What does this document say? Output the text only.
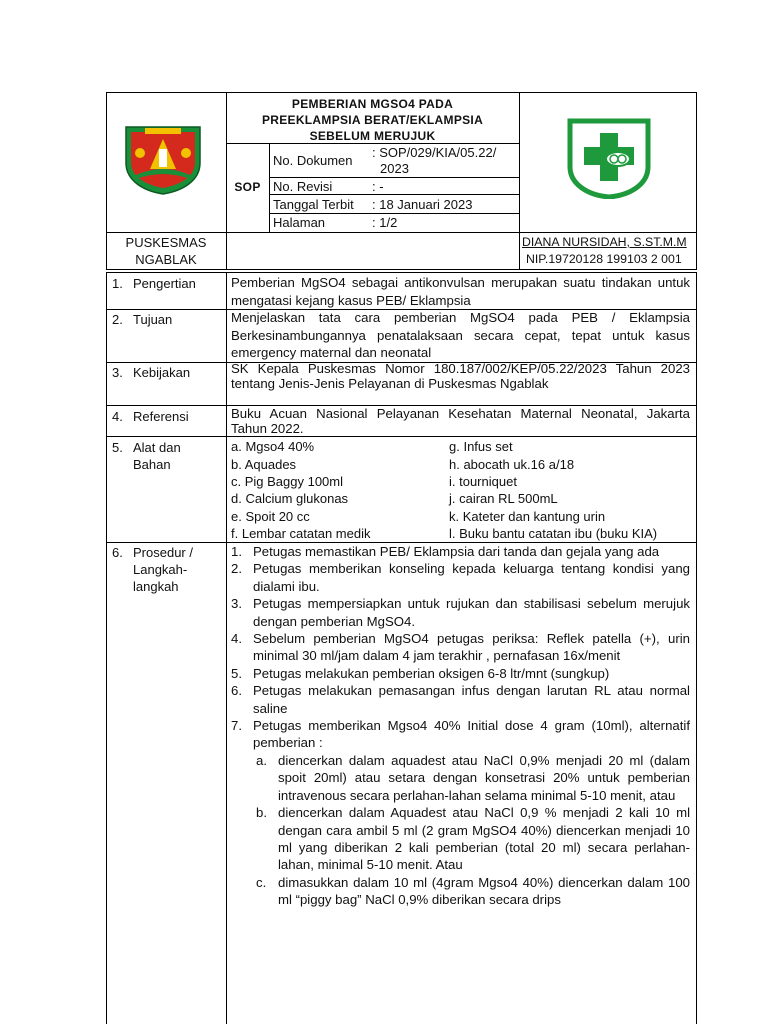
PEMBERIAN MGSO4 PADA
PREEKLAMPSIA BERAT/EKLAMPSIA
SEBELUM MERUJUK
SOP
No. Dokumen
: SOP/029/KIA/05.22/
2023
No. Revisi	: -
Tanggal Terbit : 18 Januari 2023
Halaman	: 1/2
PUSKESMAS
NGABLAK
DIANA NURSIDAH, S.ST.M.M
NIP.19720128 199103 2 001
1. Pengertian
2. Tujuan
3. Kebijakan
4. Referensi
5. Alat dan
Bahan
6. Prosedur /
Langkah-
langkah
Pemberian MgSO4 sebagai antikonvulsan merupakan suatu tindakan untuk mengatasi kejang kasus PEB/ Eklampsia
Menjelaskan tata cara pemberian MgSO4 pada PEB / Eklampsia Berkesinambungannya penatalaksaan secara cepat, tepat untuk kasus emergency maternal dan neonatal
SK Kepala Puskesmas Nomor 180.187/002/KEP/05.22/2023 Tahun 2023 tentang Jenis-Jenis Pelayanan di Puskesmas Ngablak
Buku Acuan Nasional Pelayanan Kesehatan Maternal Neonatal, Jakarta Tahun 2022.
a. Mgso4 40%
b. Aquades
c. Pig Baggy 100ml
d. Calcium glukonas
e. Spoit 20 cc
f. Lembar catatan medik
g. Infus set
h. abocath uk.16 a/18
i. tourniquet
j. cairan RL 500mL
k. Kateter dan kantung urin
l. Buku bantu catatan ibu (buku KIA)
1. Petugas memastikan PEB/ Eklampsia dari tanda dan gejala yang ada
2. Petugas memberikan konseling kepada keluarga tentang kondisi yang dialami ibu.
3. Petugas mempersiapkan untuk rujukan dan stabilisasi sebelum merujuk dengan pemberian MgSO4.
4. Sebelum pemberian MgSO4 petugas periksa: Reflek patella (+), urin minimal 30 ml/jam dalam 4 jam terakhir , pernafasan 16x/menit
5. Petugas melakukan pemberian oksigen 6-8 ltr/mnt (sungkup)
6. Petugas melakukan pemasangan infus dengan larutan RL atau normal saline
7. Petugas memberikan Mgso4 40% Initial dose 4 gram (10ml), alternatif pemberian :
a. diencerkan dalam aquadest atau NaCl 0,9% menjadi 20 ml (dalam spoit 20ml) atau setara dengan konsetrasi 20% untuk pemberian intravenous secara perlahan-lahan selama minimal 5-10 menit, atau
b. diencerkan dalam Aquadest atau NaCl 0,9 % menjadi 2 kali 10 ml dengan cara ambil 5 ml (2 gram MgSO4 40%) diencerkan menjadi 10 ml yang diberikan 2 kali pemberian (total 20 ml) secara perlahan-lahan, minimal 5-10 menit. Atau
c. dimasukkan dalam 10 ml (4gram Mgso4 40%) diencerkan dalam 100 ml “piggy bag” NaCl 0,9% diberikan secara drips
